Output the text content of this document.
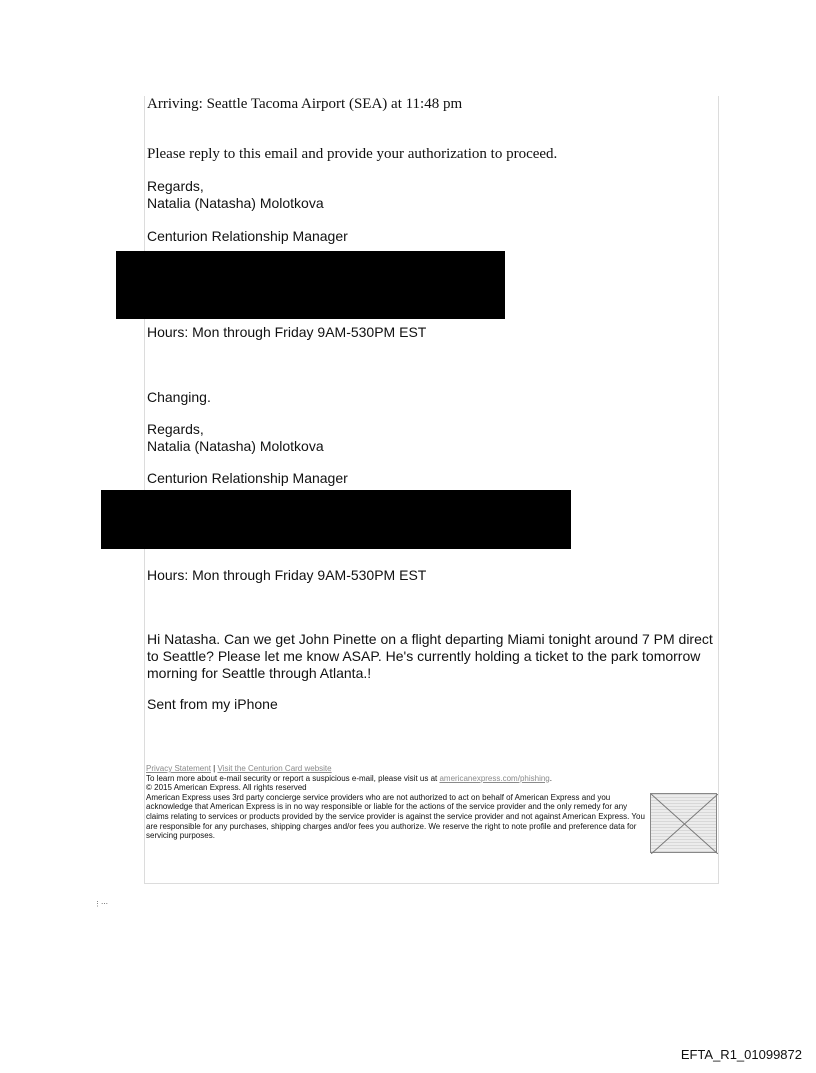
Arriving: Seattle Tacoma Airport (SEA) at 11:48 pm
Please reply to this email and provide your authorization to proceed.
Regards,
Natalia (Natasha) Molotkova
Centurion Relationship Manager
Hours: Mon through Friday 9AM-530PM EST
Changing.
Regards,
Natalia (Natasha) Molotkova
Centurion Relationship Manager
Hours: Mon through Friday 9AM-530PM EST
Hi Natasha. Can we get John Pinette on a flight departing Miami tonight around 7 PM direct to Seattle? Please let me know ASAP. He's currently holding a ticket to the park tomorrow morning for Seattle through Atlanta.!
Sent from my iPhone
Privacy Statement | Visit the Centurion Card website
To learn more about e-mail security or report a suspicious e-mail, please visit us at americanexpress.com/phishing.
© 2015 American Express. All rights reserved
American Express uses 3rd party concierge service providers who are not authorized to act on behalf of American Express and you acknowledge that American Express is in no way responsible or liable for the actions of the service provider and the only remedy for any claims relating to services or products provided by the service provider is against the service provider and not against American Express. You are responsible for any purchases, shipping charges and/or fees you authorize. We reserve the right to note profile and preference data for servicing purposes.
⋮⋯
EFTA_R1_01099872
